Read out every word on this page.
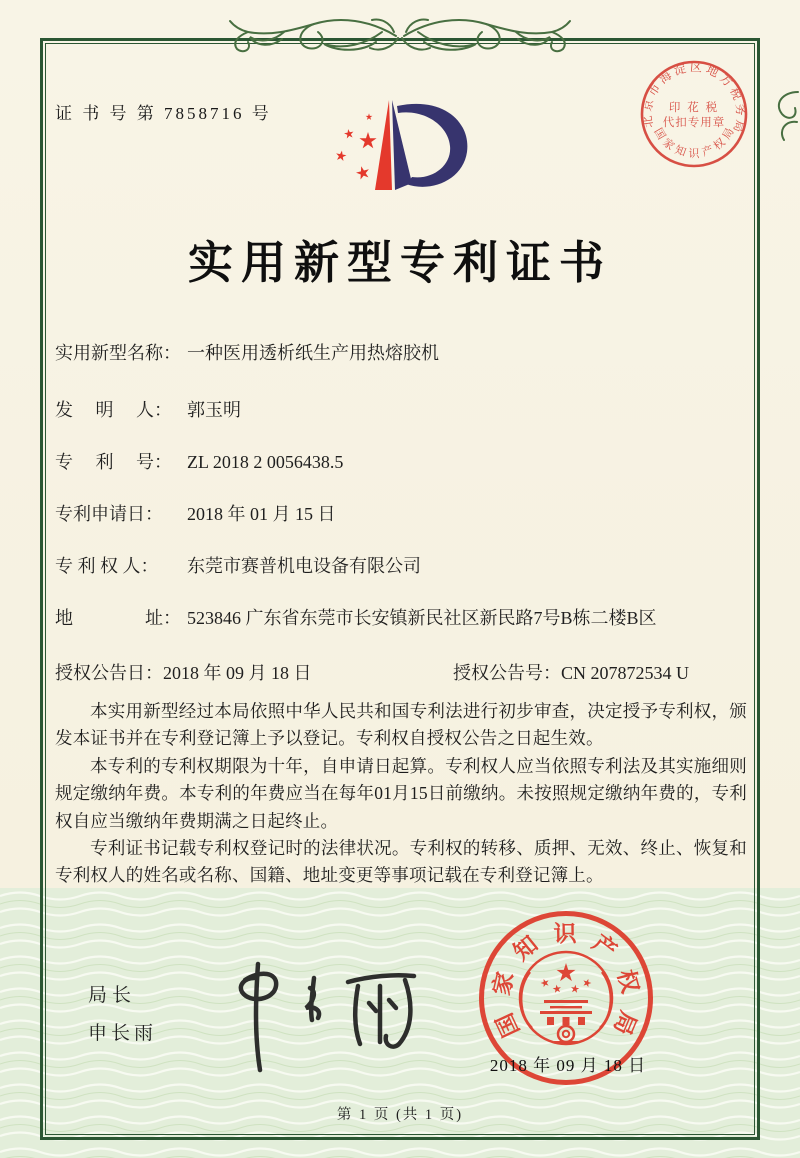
证 书 号 第 7858716 号	北京市海淀区地方税务局
印 花 税
代扣专用章
国
家
知 识 产
权
局
实用新型专利证书
实用新型名称： 一种医用透析纸生产用热熔胶机
发　 明　 人： 郭玉明
专　 利　 号： ZL 2018 2 0056438.5
专利申请日：	2018 年 01 月 15 日
专 利 权 人：	东莞市赛普机电设备有限公司
地　　　　址： 523846 广东省东莞市长安镇新民社区新民路7号B栋二楼B区
授权公告日：2018 年 09 月 18 日	授权公告号：CN 207872534 U

本实用新型经过本局依照中华人民共和国专利法进行初步审查，决定授予专利权，颁发本证书并在专利登记簿上予以登记。专利权自授权公告之日起生效。

本专利的专利权期限为十年，自申请日起算。专利权人应当依照专利法及其实施细则规定缴纳年费。本专利的年费应当在每年01月15日前缴纳。未按照规定缴纳年费的，专利权自应当缴纳年费期满之日起终止。

专利证书记载专利权登记时的法律状况。专利权的转移、质押、无效、终止、恢复和专利权人的姓名或名称、国籍、地址变更等事项记载在专利登记簿上。

局长
申长雨	国
家
知 识 产
权
局
2018 年 09 月 18 日
第 1 页 (共 1 页)
